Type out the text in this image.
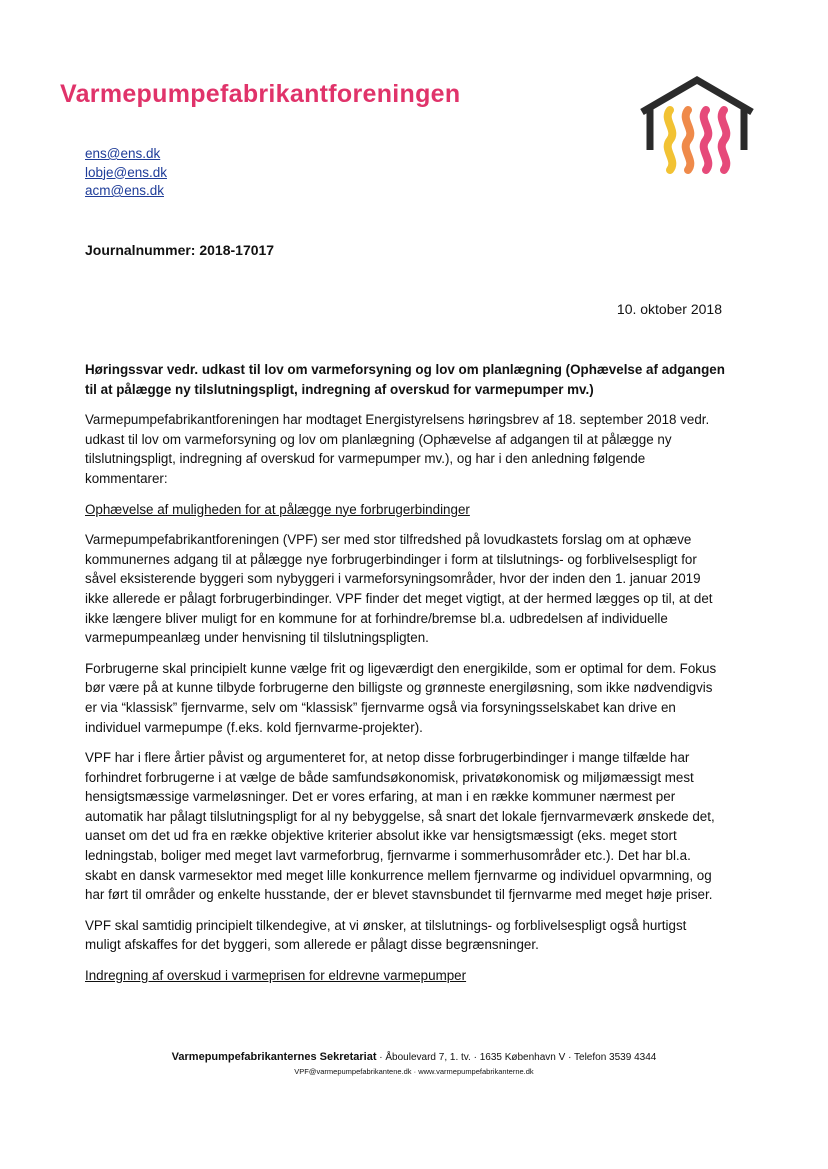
Varmepumpefabrikantforeningen
ens@ens.dk
lobje@ens.dk
acm@ens.dk
Journalnummer: 2018-17017
10. oktober 2018

Høringssvar vedr. udkast til lov om varmeforsyning og lov om planlægning (Ophævelse af adgangen til at pålægge ny tilslutningspligt, indregning af overskud for varmepumper mv.)

Varmepumpefabrikantforeningen har modtaget Energistyrelsens høringsbrev af 18. september 2018 vedr. udkast til lov om varmeforsyning og lov om planlægning (Ophævelse af adgangen til at pålægge ny tilslutningspligt, indregning af overskud for varmepumper mv.), og har i den anledning følgende kommentarer:

Ophævelse af muligheden for at pålægge nye forbrugerbindinger

Varmepumpefabrikantforeningen (VPF) ser med stor tilfredshed på lovudkastets forslag om at ophæve kommunernes adgang til at pålægge nye forbrugerbindinger i form at tilslutnings- og forblivelsespligt for såvel eksisterende byggeri som nybyggeri i varmeforsyningsområder, hvor der inden den 1. januar 2019 ikke allerede er pålagt forbrugerbindinger. VPF finder det meget vigtigt, at der hermed lægges op til, at det ikke længere bliver muligt for en kommune for at forhindre/bremse bl.a. udbredelsen af individuelle varmepumpeanlæg under henvisning til tilslutningspligten.

Forbrugerne skal principielt kunne vælge frit og ligeværdigt den energikilde, som er optimal for dem. Fokus bør være på at kunne tilbyde forbrugerne den billigste og grønneste energiløsning, som ikke nødvendigvis er via “klassisk” fjernvarme, selv om “klassisk” fjernvarme også via forsyningsselskabet kan drive en individuel varmepumpe (f.eks. kold fjernvarme-projekter).

VPF har i flere årtier påvist og argumenteret for, at netop disse forbrugerbindinger i mange tilfælde har forhindret forbrugerne i at vælge de både samfundsøkonomisk, privatøkonomisk og miljømæssigt mest hensigtsmæssige varmeløsninger. Det er vores erfaring, at man i en række kommuner nærmest per automatik har pålagt tilslutningspligt for al ny bebyggelse, så snart det lokale fjernvarmeværk ønskede det, uanset om det ud fra en række objektive kriterier absolut ikke var hensigtsmæssigt (eks. meget stort ledningstab, boliger med meget lavt varmeforbrug, fjernvarme i sommerhusområder etc.). Det har bl.a. skabt en dansk varmesektor med meget lille konkurrence mellem fjernvarme og individuel opvarmning, og har ført til områder og enkelte husstande, der er blevet stavnsbundet til fjernvarme med meget høje priser.

VPF skal samtidig principielt tilkendegive, at vi ønsker, at tilslutnings- og forblivelsespligt også hurtigst muligt afskaffes for det byggeri, som allerede er pålagt disse begrænsninger.

Indregning af overskud i varmeprisen for eldrevne varmepumper
Varmepumpefabrikanternes Sekretariat · Åboulevard 7, 1. tv. · 1635 København V · Telefon 3539 4344
VPF@varmepumpefabrikantene.dk · www.varmepumpefabrikanterne.dk
